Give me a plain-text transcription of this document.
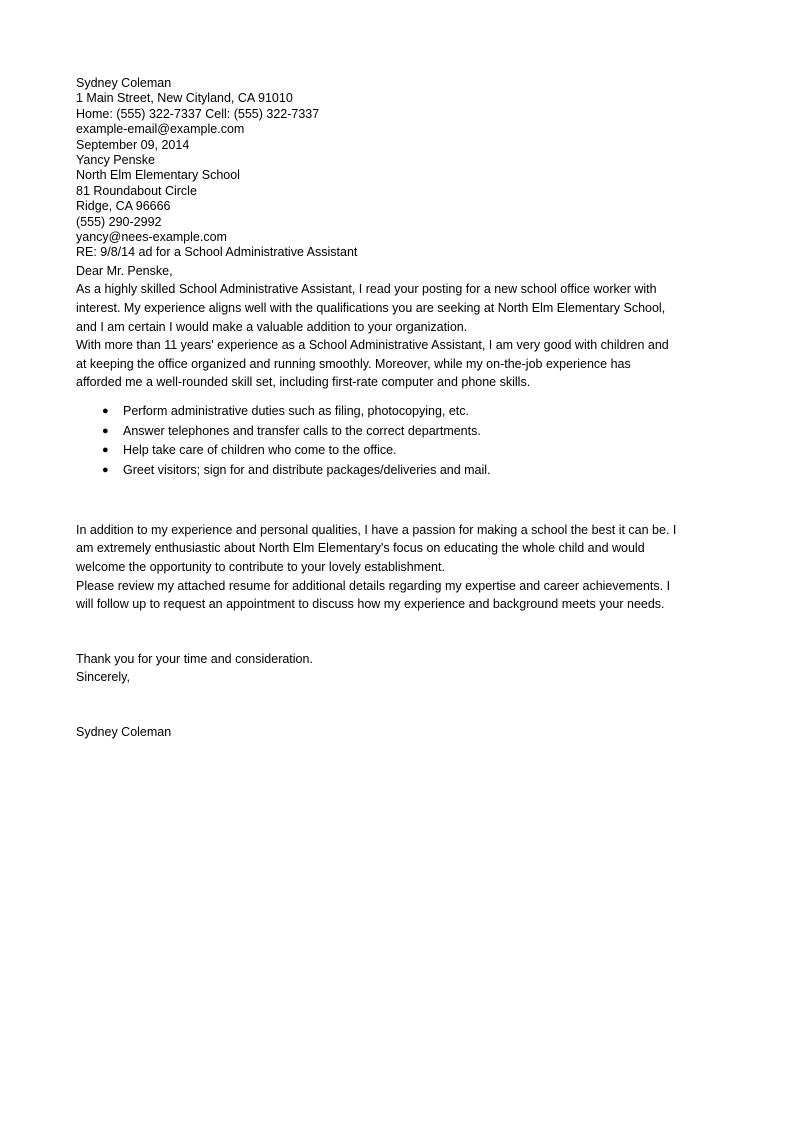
Sydney Coleman
1 Main Street, New Cityland, CA 91010
Home: (555) 322-7337 Cell: (555) 322-7337
example-email@example.com
September 09, 2014
Yancy Penske
North Elm Elementary School
81 Roundabout Circle
Ridge, CA 96666
(555) 290-2992
yancy@nees-example.com
RE: 9/8/14 ad for a School Administrative Assistant
Dear Mr. Penske,
As a highly skilled School Administrative Assistant, I read your posting for a new school office worker with
interest. My experience aligns well with the qualifications you are seeking at North Elm Elementary School,
and I am certain I would make a valuable addition to your organization.
With more than 11 years' experience as a School Administrative Assistant, I am very good with children and
at keeping the office organized and running smoothly. Moreover, while my on-the-job experience has
afforded me a well-rounded skill set, including first-rate computer and phone skills.
● Perform administrative duties such as filing, photocopying, etc.
● Answer telephones and transfer calls to the correct departments.
● Help take care of children who come to the office.
● Greet visitors; sign for and distribute packages/deliveries and mail.
In addition to my experience and personal qualities, I have a passion for making a school the best it can be. I
am extremely enthusiastic about North Elm Elementary's focus on educating the whole child and would
welcome the opportunity to contribute to your lovely establishment.
Please review my attached resume for additional details regarding my expertise and career achievements. I
will follow up to request an appointment to discuss how my experience and background meets your needs.
Thank you for your time and consideration.
Sincerely,
Sydney Coleman
